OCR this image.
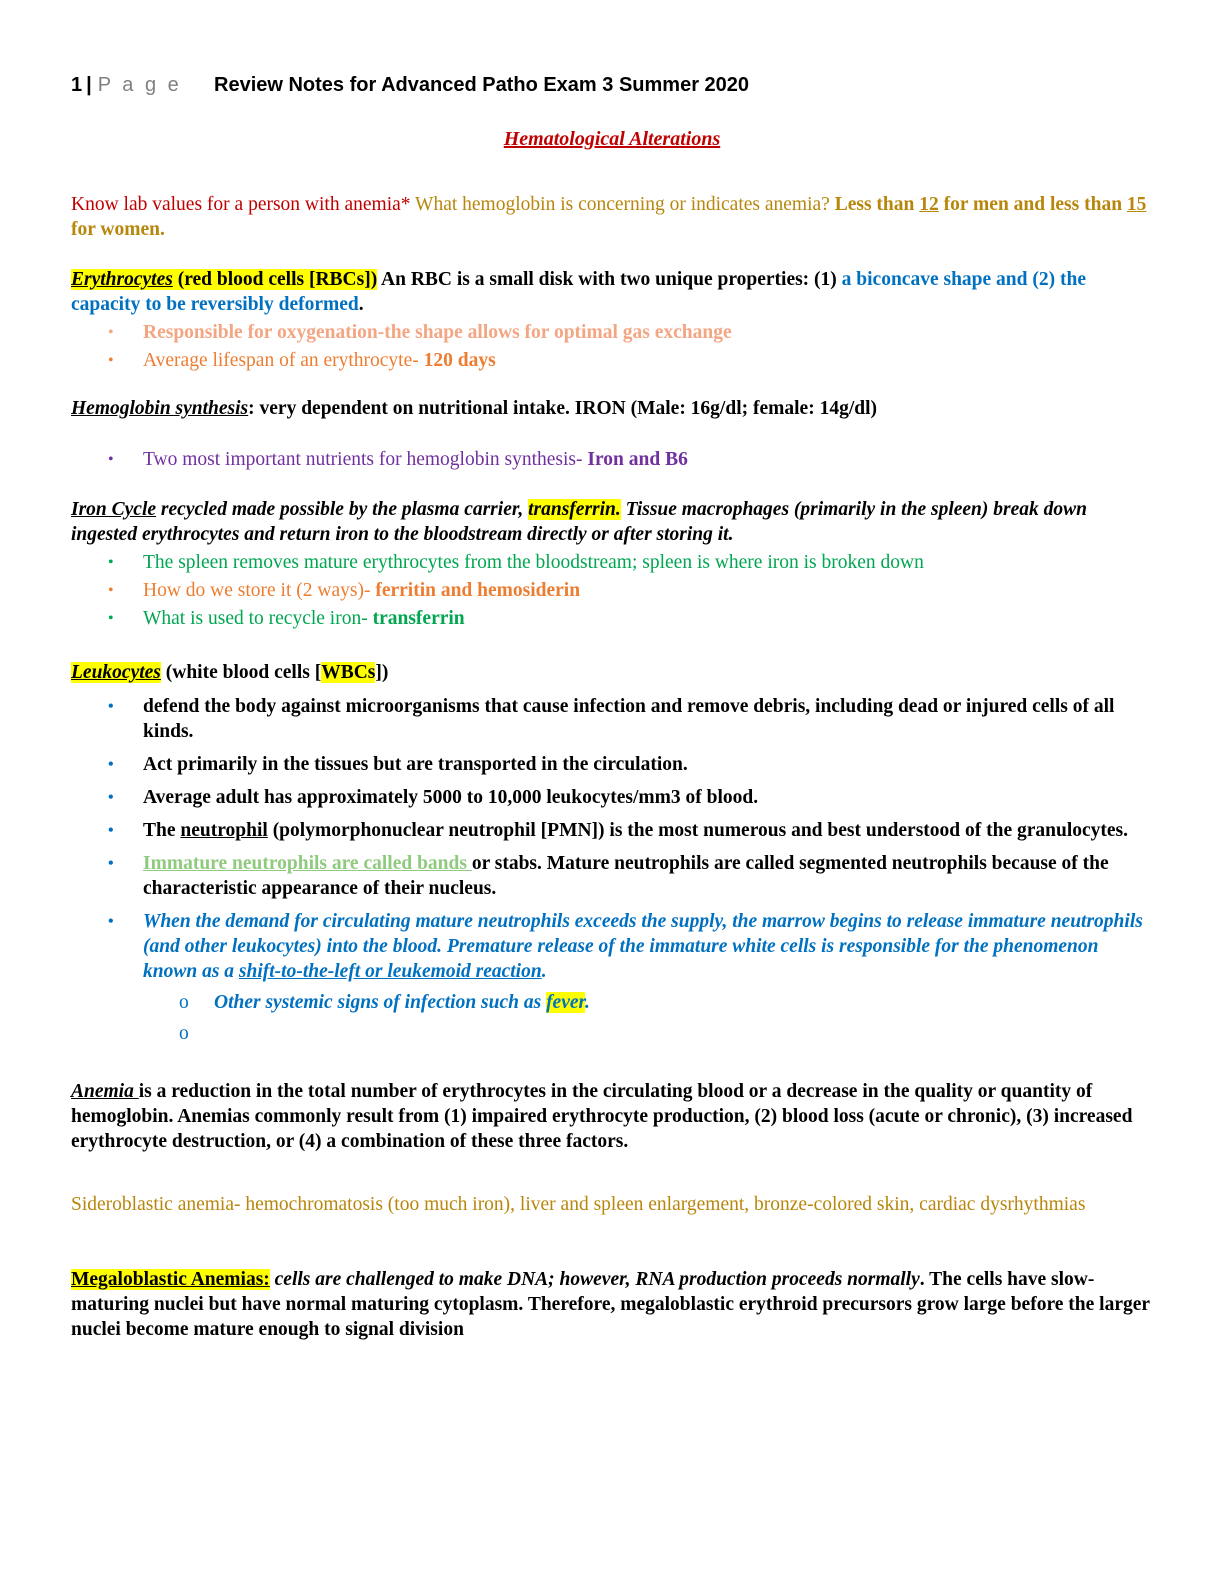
1 | P a g e Review Notes for Advanced Patho Exam 3 Summer 2020
Hematological Alterations
Know lab values for a person with anemia* What hemoglobin is concerning or indicates anemia? Less than 12 for men and less than 15 for women.
Erythrocytes (red blood cells [RBCs]) An RBC is a small disk with two unique properties: (1) a biconcave shape and (2) the capacity to be reversibly deformed.
• Responsible for oxygenation-the shape allows for optimal gas exchange
• Average lifespan of an erythrocyte- 120 days
Hemoglobin synthesis: very dependent on nutritional intake. IRON (Male: 16g/dl; female: 14g/dl)
• Two most important nutrients for hemoglobin synthesis- Iron and B6
Iron Cycle recycled made possible by the plasma carrier, transferrin. Tissue macrophages (primarily in the spleen) break down ingested erythrocytes and return iron to the bloodstream directly or after storing it.
• The spleen removes mature erythrocytes from the bloodstream; spleen is where iron is broken down
• How do we store it (2 ways)- ferritin and hemosiderin
• What is used to recycle iron- transferrin
Leukocytes (white blood cells [WBCs])
• defend the body against microorganisms that cause infection and remove debris, including dead or injured cells of all kinds.
• Act primarily in the tissues but are transported in the circulation.
• Average adult has approximately 5000 to 10,000 leukocytes/mm3 of blood.
• The neutrophil (polymorphonuclear neutrophil [PMN]) is the most numerous and best understood of the granulocytes.
• Immature neutrophils are called bands or stabs. Mature neutrophils are called segmented neutrophils because of the characteristic appearance of their nucleus.
• When the demand for circulating mature neutrophils exceeds the supply, the marrow begins to release immature neutrophils (and other leukocytes) into the blood. Premature release of the immature white cells is responsible for the phenomenon known as a shift-to-the-left or leukemoid reaction.
o Other systemic signs of infection such as fever.
o
Anemia is a reduction in the total number of erythrocytes in the circulating blood or a decrease in the quality or quantity of hemoglobin. Anemias commonly result from (1) impaired erythrocyte production, (2) blood loss (acute or chronic), (3) increased erythrocyte destruction, or (4) a combination of these three factors.
Sideroblastic anemia- hemochromatosis (too much iron), liver and spleen enlargement, bronze-colored skin, cardiac dysrhythmias
Megaloblastic Anemias: cells are challenged to make DNA; however, RNA production proceeds normally. The cells have slow-maturing nuclei but have normal maturing cytoplasm. Therefore, megaloblastic erythroid precursors grow large before the larger nuclei become mature enough to signal division
